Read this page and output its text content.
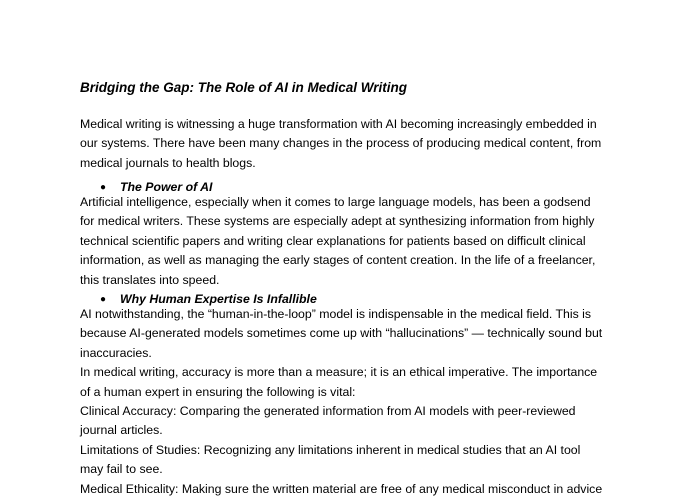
Bridging the Gap: The Role of AI in Medical Writing
Medical writing is witnessing a huge transformation with AI becoming increasingly embedded in
our systems. There have been many changes in the process of producing medical content, from
medical journals to health blogs.
● The Power of AI
Artificial intelligence, especially when it comes to large language models, has been a godsend
for medical writers. These systems are especially adept at synthesizing information from highly
technical scientific papers and writing clear explanations for patients based on difficult clinical
information, as well as managing the early stages of content creation. In the life of a freelancer,
this translates into speed.
● Why Human Expertise Is Infallible
AI notwithstanding, the “human-in-the-loop” model is indispensable in the medical field. This is
because AI-generated models sometimes come up with “hallucinations” — technically sound but
inaccuracies.
In medical writing, accuracy is more than a measure; it is an ethical imperative. The importance
of a human expert in ensuring the following is vital:
Clinical Accuracy: Comparing the generated information from AI models with peer-reviewed
journal articles.
Limitations of Studies: Recognizing any limitations inherent in medical studies that an AI tool
may fail to see.
Medical Ethicality: Making sure the written material are free of any medical misconduct in advice
